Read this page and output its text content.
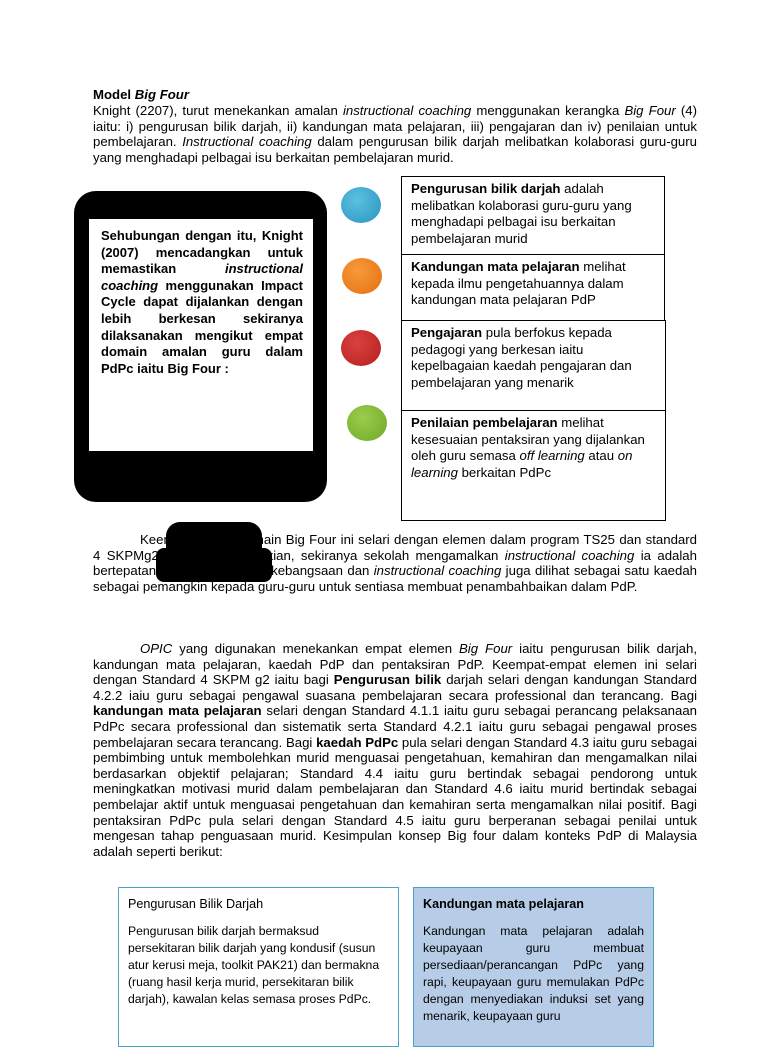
Model Big Four
Knight (2207), turut menekankan amalan instructional coaching menggunakan kerangka Big Four (4) iaitu: i) pengurusan bilik darjah, ii) kandungan mata pelajaran, iii) pengajaran dan iv) penilaian untuk pembelajaran. Instructional coaching dalam pengurusan bilik darjah melibatkan kolaborasi guru-guru yang menghadapi pelbagai isu berkaitan pembelajaran murid.
Sehubungan dengan itu, Knight (2007) mencadangkan untuk memastikan instructional coaching menggunakan Impact Cycle dapat dijalankan dengan lebih berkesan sekiranya dilaksanakan mengikut empat domain amalan guru dalam PdPc iaitu Big Four :
Pengurusan bilik darjah adalah melibatkan kolaborasi guru-guru yang menghadapi pelbagai isu berkaitan pembelajaran murid
Kandungan mata pelajaran melihat kepada ilmu pengetahuannya dalam kandungan mata pelajaran PdP
Pengajaran pula berfokus kepada pedagogi yang berkesan iaitu kepelbagaian kaedah pengajaran dan pembelajaran yang menarik
Penilaian pembelajaran melihat kesesuaian pentaksiran yang dijalankan oleh guru semasa off learning atau on learning berkaitan PdPc
Keempat-empat domain Big Four ini selari dengan elemen dalam program TS25 dan standard 4 SKPMg2. Oleh yang demikian, sekiranya sekolah mengamalkan instructional coaching ia adalah bertepatan dengan instrumen kebangsaan dan instructional coaching juga dilihat sebagai satu kaedah sebagai pemangkin kepada guru-guru untuk sentiasa membuat penambahbaikan dalam PdP.
OPIC yang digunakan menekankan empat elemen Big Four iaitu pengurusan bilik darjah, kandungan mata pelajaran, kaedah PdP dan pentaksiran PdP. Keempat-empat elemen ini selari dengan Standard 4 SKPM g2 iaitu bagi Pengurusan bilik darjah selari dengan kandungan Standard 4.2.2 iaiu guru sebagai pengawal suasana pembelajaran secara professional dan terancang. Bagi kandungan mata pelajaran selari dengan Standard 4.1.1 iaitu guru sebagai perancang pelaksanaan PdPc secara professional dan sistematik serta Standard 4.2.1 iaitu guru sebagai pengawal proses pembelajaran secara terancang. Bagi kaedah PdPc pula selari dengan Standard 4.3 iaitu guru sebagai pembimbing untuk membolehkan murid menguasai pengetahuan, kemahiran dan mengamalkan nilai berdasarkan objektif pelajaran; Standard 4.4 iaitu guru bertindak sebagai pendorong untuk meningkatkan motivasi murid dalam pembelajaran dan Standard 4.6 iaitu murid bertindak sebagai pembelajar aktif untuk menguasai pengetahuan dan kemahiran serta mengamalkan nilai positif. Bagi pentaksiran PdPc pula selari dengan Standard 4.5 iaitu guru berperanan sebagai penilai untuk mengesan tahap penguasaan murid. Kesimpulan konsep Big four dalam konteks PdP di Malaysia adalah seperti berikut:
Pengurusan Bilik Darjah
Pengurusan bilik darjah bermaksud persekitaran bilik darjah yang kondusif (susun atur kerusi meja, toolkit PAK21) dan bermakna (ruang hasil kerja murid, persekitaran bilik darjah), kawalan kelas semasa proses PdPc.
Kandungan mata pelajaran
Kandungan mata pelajaran adalah keupayaan guru membuat persediaan/perancangan PdPc yang rapi, keupayaan guru memulakan PdPc dengan menyediakan induksi set yang menarik, keupayaan guru
